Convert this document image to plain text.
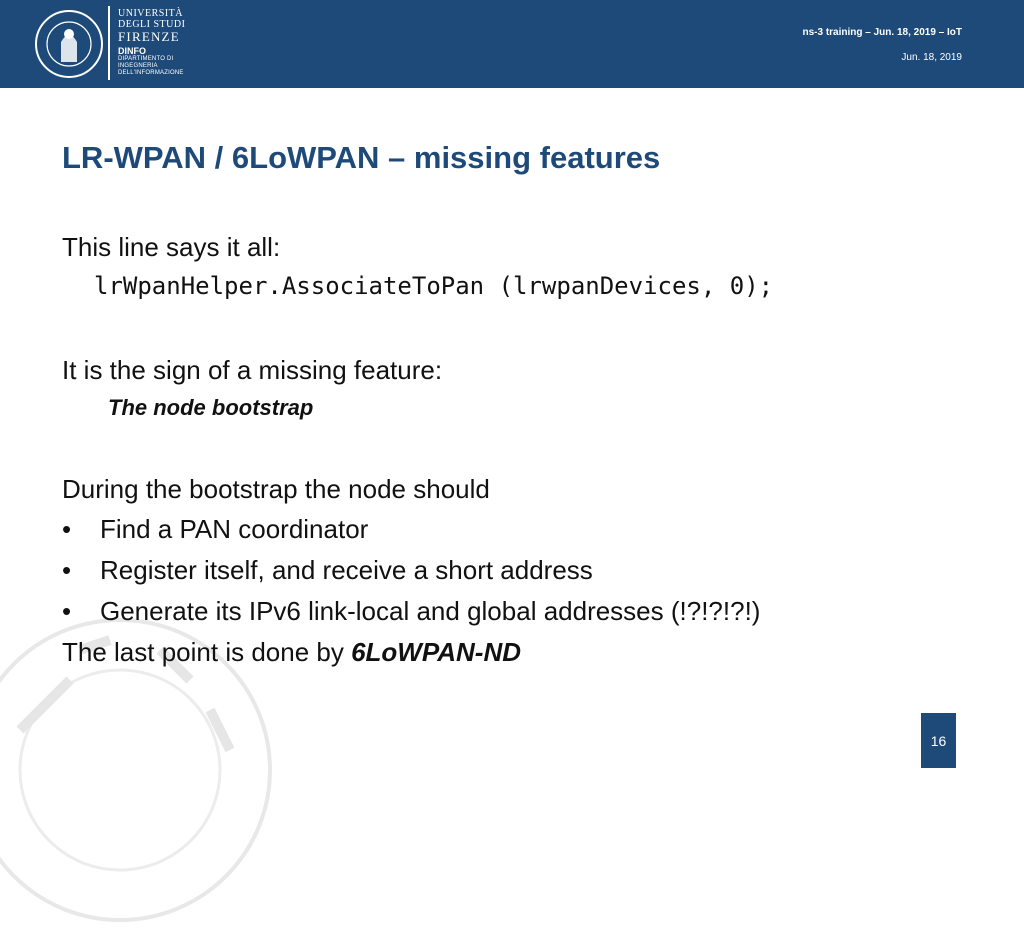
UNIVERSITÀ
DEGLI STUDI
FIRENZE
DINFO
DIPARTIMENTO DI
INGEGNERIA
DELL'INFORMAZIONE
ns-3 training – Jun. 18, 2019 – IoT
Jun. 18, 2019
LR-WPAN / 6LoWPAN – missing features
This line says it all:
lrWpanHelper.AssociateToPan (lrwpanDevices, 0);
It is the sign of a missing feature:
The node bootstrap
During the bootstrap the node should
• Find a PAN coordinator
• Register itself, and receive a short address
• Generate its IPv6 link-local and global addresses (!?!?!?!)
The last point is done by 6LoWPAN-ND
16
